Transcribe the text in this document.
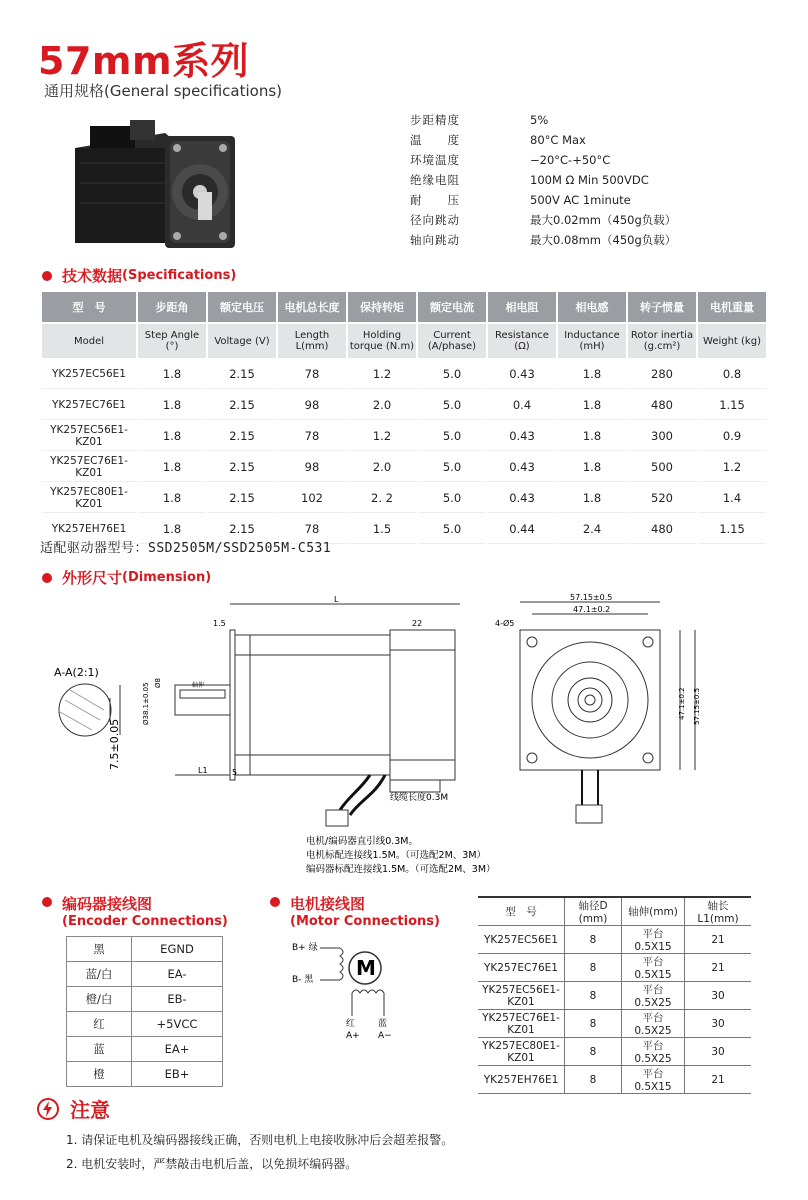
57mm系列
通用规格(General specifications)
步距精度	5%
温　　度	80°C Max
环境温度	−20°C-+50°C
绝缘电阻	100M Ω Min 500VDC
耐　　压	500V AC 1minute
径向跳动	最大0.02mm（450g负载）
轴向跳动	最大0.08mm（450g负载）
技术数据 (Specifications)
型　号	步距角	额定电压	电机总长度	保持转矩	额定电流	相电阻	相电感	转子惯量	电机重量
Model	Step Angle (°)	Voltage (V)	Length L(mm)	Holding torque (N.m)	Current (A/phase)	Resistance (Ω)	Inductance (mH)	Rotor inertia (g.cm²)	Weight (kg)
YK257EC56E1	1.8	2.15	78	1.2	5.0	0.43	1.8	280	0.8
YK257EC76E1	1.8	2.15	98	2.0	5.0	0.4	1.8	480	1.15
YK257EC56E1-KZ01	1.8	2.15	78	1.2	5.0	0.43	1.8	300	0.9
YK257EC76E1-KZ01	1.8	2.15	98	2.0	5.0	0.43	1.8	500	1.2
YK257EC80E1-KZ01	1.8	2.15	102	2. 2	5.0	0.43	1.8	520	1.4
YK257EH76E1	1.8	2.15	78	1.5	5.0	0.44	2.4	480	1.15
适配驱动器型号：SSD2505M/SSD2505M-C531
外形尺寸 (Dimension)
A-A(2:1)
7.5±0.05
L
1.5	22
轴伸
Ø38.1±0.05 Ø8
L1	5
线缆长度0.3M
57.15±0.5
47.1±0.2
4-Ø5
47.1±0.2 57.15±0.5
电机/编码器直引线0.3M。
电机标配连接线1.5M。（可选配2M、3M）
编码器标配连接线1.5M。（可选配2M、3M）
编码器接线图
(Encoder Connections)
黑	EGND
蓝/白	EA-
橙/白	EB-
红	+5VCC
蓝	EA+
橙	EB+
电机接线图
(Motor Connections)
B+ 绿
B- 黑 M
红
A+
蓝
A−
型　号	轴径D (mm)	轴伸(mm)	轴长L1(mm)
YK257EC56E1	8	平台0.5X15	21
YK257EC76E1	8	平台0.5X15	21
YK257EC56E1-KZ01	8	平台0.5X25	30
YK257EC76E1-KZ01	8	平台0.5X25	30
YK257EC80E1-KZ01	8	平台0.5X25	30
YK257EH76E1	8	平台0.5X15	21
注意
1. 请保证电机及编码器接线正确，否则电机上电接收脉冲后会超差报警。
2. 电机安装时，严禁敲击电机后盖，以免损坏编码器。
